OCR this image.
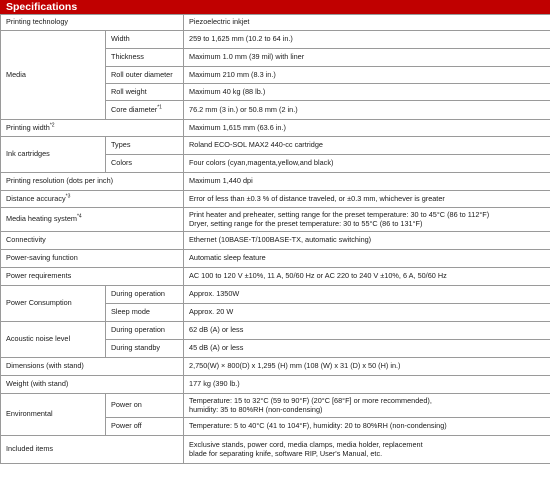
Specifications
Printing technology		Piezoelectric inkjet
Media	Width	259 to 1,625 mm (10.2 to 64 in.)
	Thickness	Maximum 1.0 mm (39 mil) with liner
	Roll outer diameter	Maximum 210 mm (8.3 in.)
	Roll weight	Maximum 40 kg (88 lb.)
	Core diameter$^{*1}$	76.2 mm (3 in.) or 50.8 mm (2 in.)
Printing width$^{*2}$		Maximum 1,615 mm (63.6 in.)
Ink cartridges	Types	Roland ECO-SOL MAX2 440-cc cartridge
	Colors	Four colors (cyan,magenta,yellow,and black)
Printing resolution (dots per inch)		Maximum 1,440 dpi
Distance accuracy$^{*3}$		Error of less than ±0.3 % of distance traveled, or ±0.3 mm, whichever is greater
Media heating system$^{*4}$		Print heater and preheater, setting range for the preset temperature: 30 to 45°C (86 to 112°F)
Dryer, setting range for the preset temperature: 30 to 55°C (86 to 131°F)

Connectivity		Ethernet (10BASE-T/100BASE-TX, automatic switching)
Power-saving function		Automatic sleep feature
Power requirements		AC 100 to 120 V ±10%, 11 A, 50/60 Hz or AC 220 to 240 V ±10%, 6 A, 50/60 Hz
Power Consumption	During operation	Approx. 1350W
	Sleep mode	Approx. 20 W
Acoustic noise level	During operation	62 dB (A) or less
	During standby	45 dB (A) or less
Dimensions (with stand)		2,750(W) × 800(D) x 1,295 (H) mm (108 (W) x 31 (D) x 50 (H) in.)
Weight (with stand)		177 kg (390 lb.)
Environmental	Power on	Temperature: 15 to 32°C (59 to 90°F) (20°C [68°F] or more recommended),
humidity: 35 to 80%RH (non-condensing)

	Power off	Temperature: 5 to 40°C (41 to 104°F), humidity: 20 to 80%RH (non-condensing)
Included items		Exclusive stands, power cord, media clamps, media holder, replacement
blade for separating knife, software RIP, User's Manual, etc.
